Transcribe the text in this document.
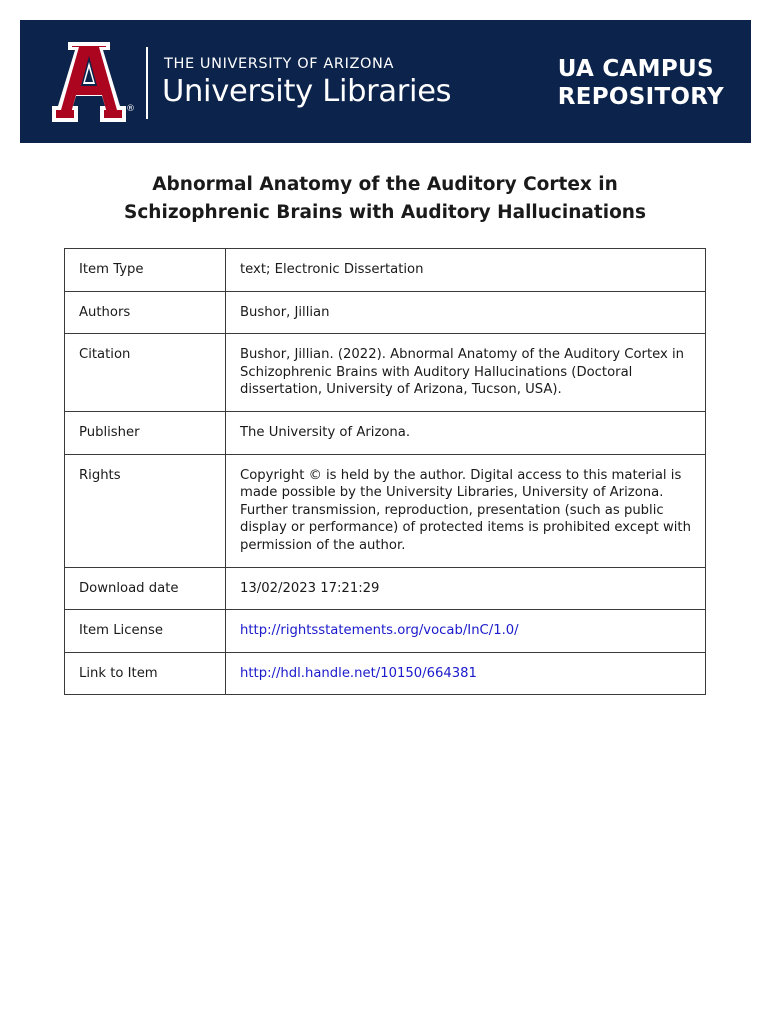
®
THE UNIVERSITY OF ARIZONA
University Libraries
UA CAMPUS
REPOSITORY
Abnormal Anatomy of the Auditory Cortex in
Schizophrenic Brains with Auditory Hallucinations
Item Type	text; Electronic Dissertation
Authors	Bushor, Jillian
Citation	Bushor, Jillian. (2022). Abnormal Anatomy of the Auditory Cortex in Schizophrenic Brains with Auditory Hallucinations (Doctoral dissertation, University of Arizona, Tucson, USA).
Publisher	The University of Arizona.
Rights	Copyright © is held by the author. Digital access to this material is made possible by the University Libraries, University of Arizona. Further transmission, reproduction, presentation (such as public display or performance) of protected items is prohibited except with permission of the author.
Download date	13/02/2023 17:21:29
Item License	http://rightsstatements.org/vocab/InC/1.0/
Link to Item	http://hdl.handle.net/10150/664381
